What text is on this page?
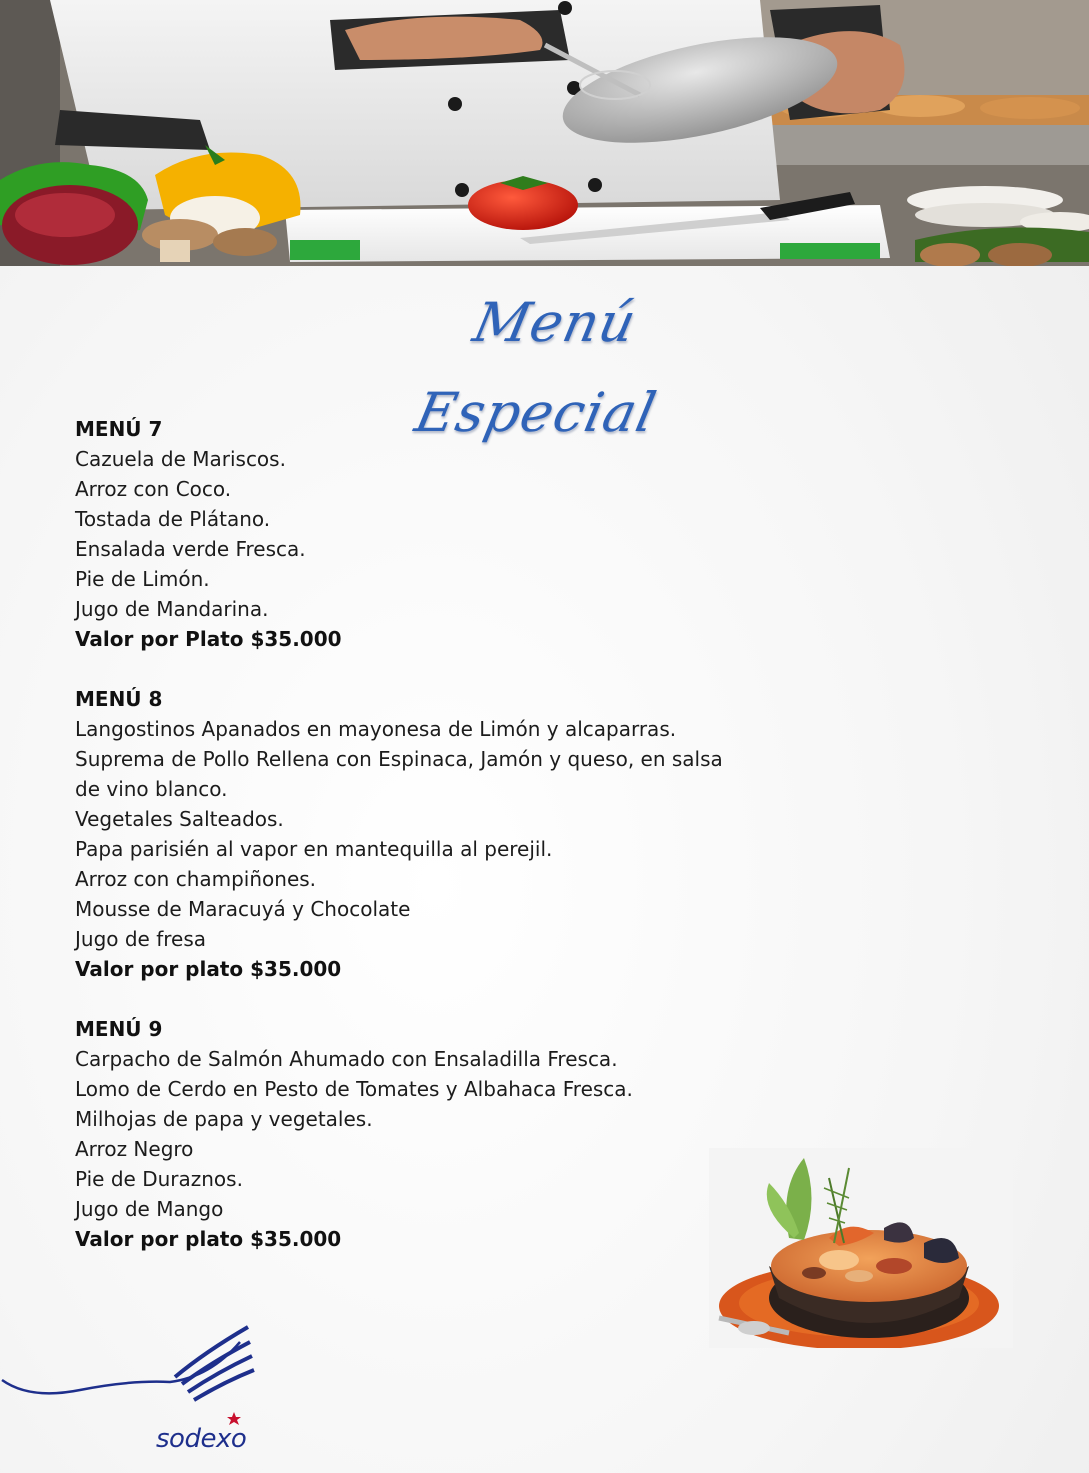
Menú Especial
MENÚ 7
Cazuela de Mariscos.
Arroz con Coco.
Tostada de Plátano.
Ensalada verde Fresca.
Pie de Limón.
Jugo de Mandarina.
Valor por Plato $35.000
MENÚ 8
Langostinos Apanados en mayonesa de Limón y alcaparras.
Suprema de Pollo Rellena con Espinaca, Jamón y queso, en salsa
de vino blanco.
Vegetales Salteados.
Papa parisién al vapor en mantequilla al perejil.
Arroz con champiñones.
Mousse de Maracuyá y Chocolate
Jugo de fresa
Valor por plato $35.000
MENÚ 9
Carpacho de Salmón Ahumado con Ensaladilla Fresca.
Lomo de Cerdo en Pesto de Tomates y Albahaca Fresca.
Milhojas de papa y vegetales.
Arroz Negro
Pie de Duraznos.
Jugo de Mango
Valor por plato $35.000
sodexo
